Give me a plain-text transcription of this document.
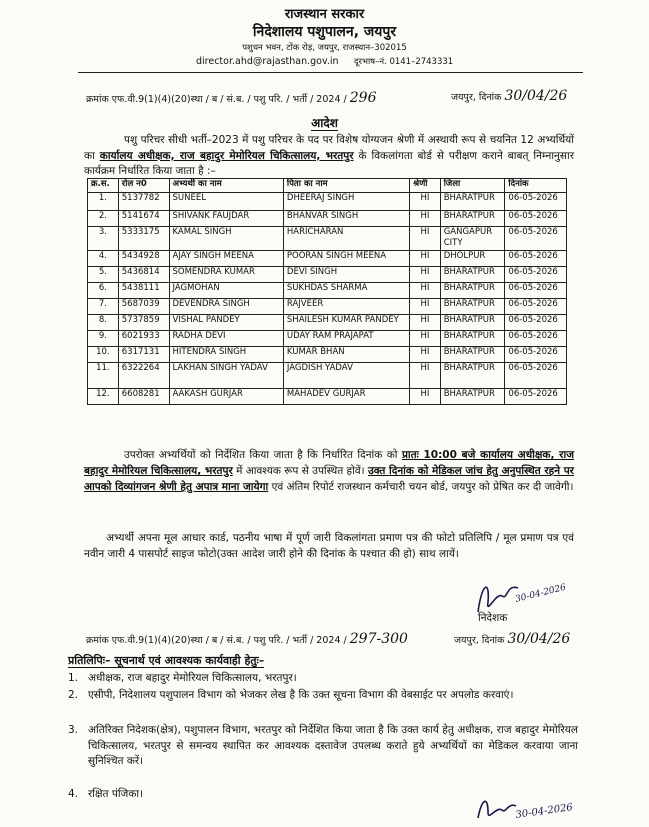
राजस्थान सरकार
निदेशालय पशुपालन, जयपुर
पशुधन भवन, टोंक रोड़, जयपुर, राजस्थान–302015
director.ahd@rajasthan.gov.in दूरभाष–नं. 0141–2743331
क्रमांक एफ.वी.9(1)(4)(20)स्था / ब / सं.ब. / पशु परि. / भर्ती / 2024 / 296	जयपुर, दिनांक 30/04/26
आदेश
पशु परिचर सीधी भर्ती–2023 में पशु परिचर के पद पर विशेष योग्यजन श्रेणी में अस्थायी रूप से चयनित 12 अभ्यर्थियों का कार्यालय अधीक्षक, राज बहादुर मेमोरियल चिकित्सालय, भरतपुर के विकलांगता बोर्ड से परीक्षण कराने बाबत् निम्नानुसार कार्यक्रम निर्धारित किया जाता है :–
क्र.स.	रोल न0	अभ्यर्थी का नाम	पिता का नाम	श्रेणी	जिला	दिनांक
1.	5137782	SUNEEL	DHEERAJ SINGH	HI	BHARATPUR	06-05-2026
2.	5141674	SHIVANK FAUJDAR	BHANVAR SINGH	HI	BHARATPUR	06-05-2026
3.	5333175	KAMAL SINGH	HARICHARAN	HI	GANGAPUR CITY	06-05-2026
4.	5434928	AJAY SINGH MEENA	POORAN SINGH MEENA	HI	DHOLPUR	06-05-2026
5.	5436814	SOMENDRA KUMAR	DEVI SINGH	HI	BHARATPUR	06-05-2026
6.	5438111	JAGMOHAN	SUKHDAS SHARMA	HI	BHARATPUR	06-05-2026
7.	5687039	DEVENDRA SINGH	RAJVEER	HI	BHARATPUR	06-05-2026
8.	5737859	VISHAL PANDEY	SHAILESH KUMAR PANDEY	HI	BHARATPUR	06-05-2026
9.	6021933	RADHA DEVI	UDAY RAM PRAJAPAT	HI	BHARATPUR	06-05-2026
10.	6317131	HITENDRA SINGH	KUMAR BHAN	HI	BHARATPUR	06-05-2026
11.	6322264	LAKHAN SINGH YADAV	JAGDISH YADAV	HI	BHARATPUR	06-05-2026
12.	6608281	AAKASH GURJAR	MAHADEV GURJAR	HI	BHARATPUR	06-05-2026
उपरोक्त अभ्यर्थियों को निर्देशित किया जाता है कि निर्धारित दिनांक को प्रातः 10:00 बजे कार्यालय अधीक्षक, राज बहादुर मेमोरियल चिकित्सालय, भरतपुर में आवश्यक रूप से उपस्थित होवें। उक्त दिनांक को मेडिकल जांच हेतु अनुपस्थित रहने पर आपको दिव्यांगजन श्रेणी हेतु अपात्र माना जायेगा एवं अंतिम रिपोर्ट राजस्थान कर्मचारी चयन बोर्ड, जयपुर को प्रेषित कर दी जावेगी।
अभ्यर्थी अपना मूल आधार कार्ड, पठनीय भाषा में पूर्ण जारी विकलांगता प्रमाण पत्र की फोटो प्रतिलिपि / मूल प्रमाण पत्र एवं नवीन जारी 4 पासपोर्ट साइज फोटो(उक्त आदेश जारी होने की दिनांक के पश्चात की हो) साथ लायें।
30-04-2026
निदेशक
क्रमांक एफ.वी.9(1)(4)(20)स्था / ब / सं.ब. / पशु परि. / भर्ती / 2024 / 297-300	जयपुर, दिनांक 30/04/26
प्रतिलिपिः– सूचनार्थ एवं आवश्यक कार्यवाही हेतुः–
1. अधीक्षक, राज बहादुर मेमोरियल चिकित्सालय, भरतपुर।
2. एसीपी, निदेशालय पशुपालन विभाग को भेजकर लेख है कि उक्त सूचना विभाग की वेबसाईट पर अपलोड करवाएं।
3. अतिरिक्त निदेशक(क्षेत्र), पशुपालन विभाग, भरतपुर को निर्देशित किया जाता है कि उक्त कार्य हेतु अधीक्षक, राज बहादुर मेमोरियल चिकित्सालय, भरतपुर से समन्वय स्थापित कर आवश्यक दस्तावेज उपलब्ध कराते हुये अभ्यर्थियों का मेडिकल करवाया जाना सुनिश्चित करें।
4. रक्षित पंजिका।
30-04-2026
